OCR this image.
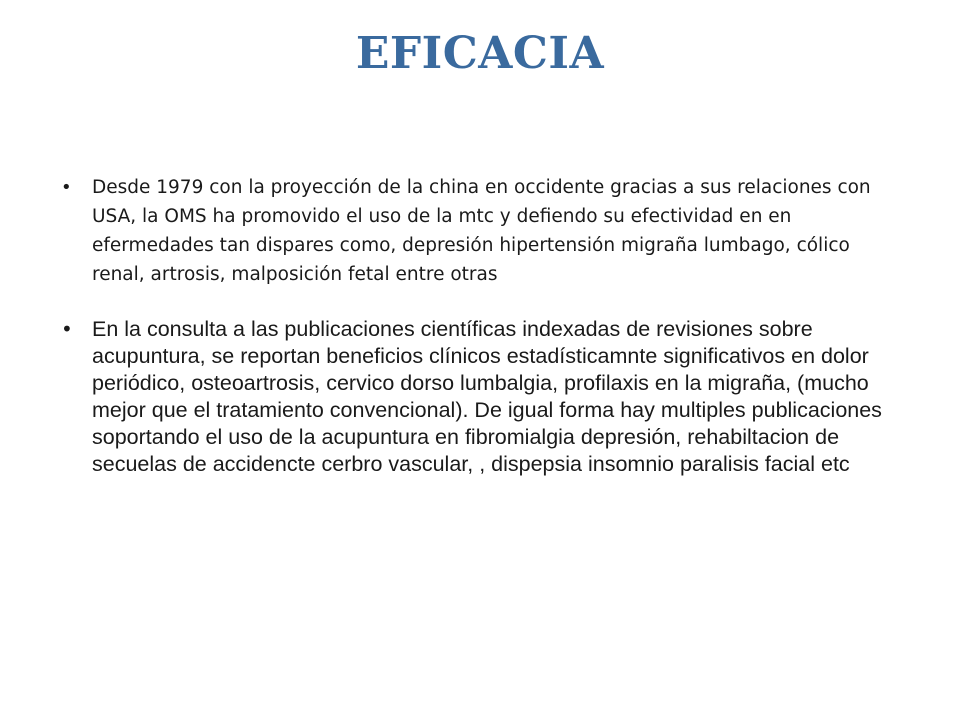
EFICACIA
• Desde 1979 con la proyección de la china en occidente gracias a sus relaciones con USA, la OMS ha promovido el uso de la mtc y defiendo su efectividad en en efermedades tan dispares como, depresión hipertensión migraña lumbago, cólico renal, artrosis, malposición fetal entre otras
• En la consulta a las publicaciones científicas indexadas de revisiones sobre acupuntura, se reportan beneficios clínicos estadísticamnte significativos en dolor periódico, osteoartrosis, cervico dorso lumbalgia, profilaxis en la migraña, (mucho mejor que el tratamiento convencional). De igual forma hay multiples publicaciones soportando el uso de la acupuntura en fibromialgia depresión, rehabiltacion de secuelas de accidencte cerbro vascular, , dispepsia insomnio paralisis facial etc
